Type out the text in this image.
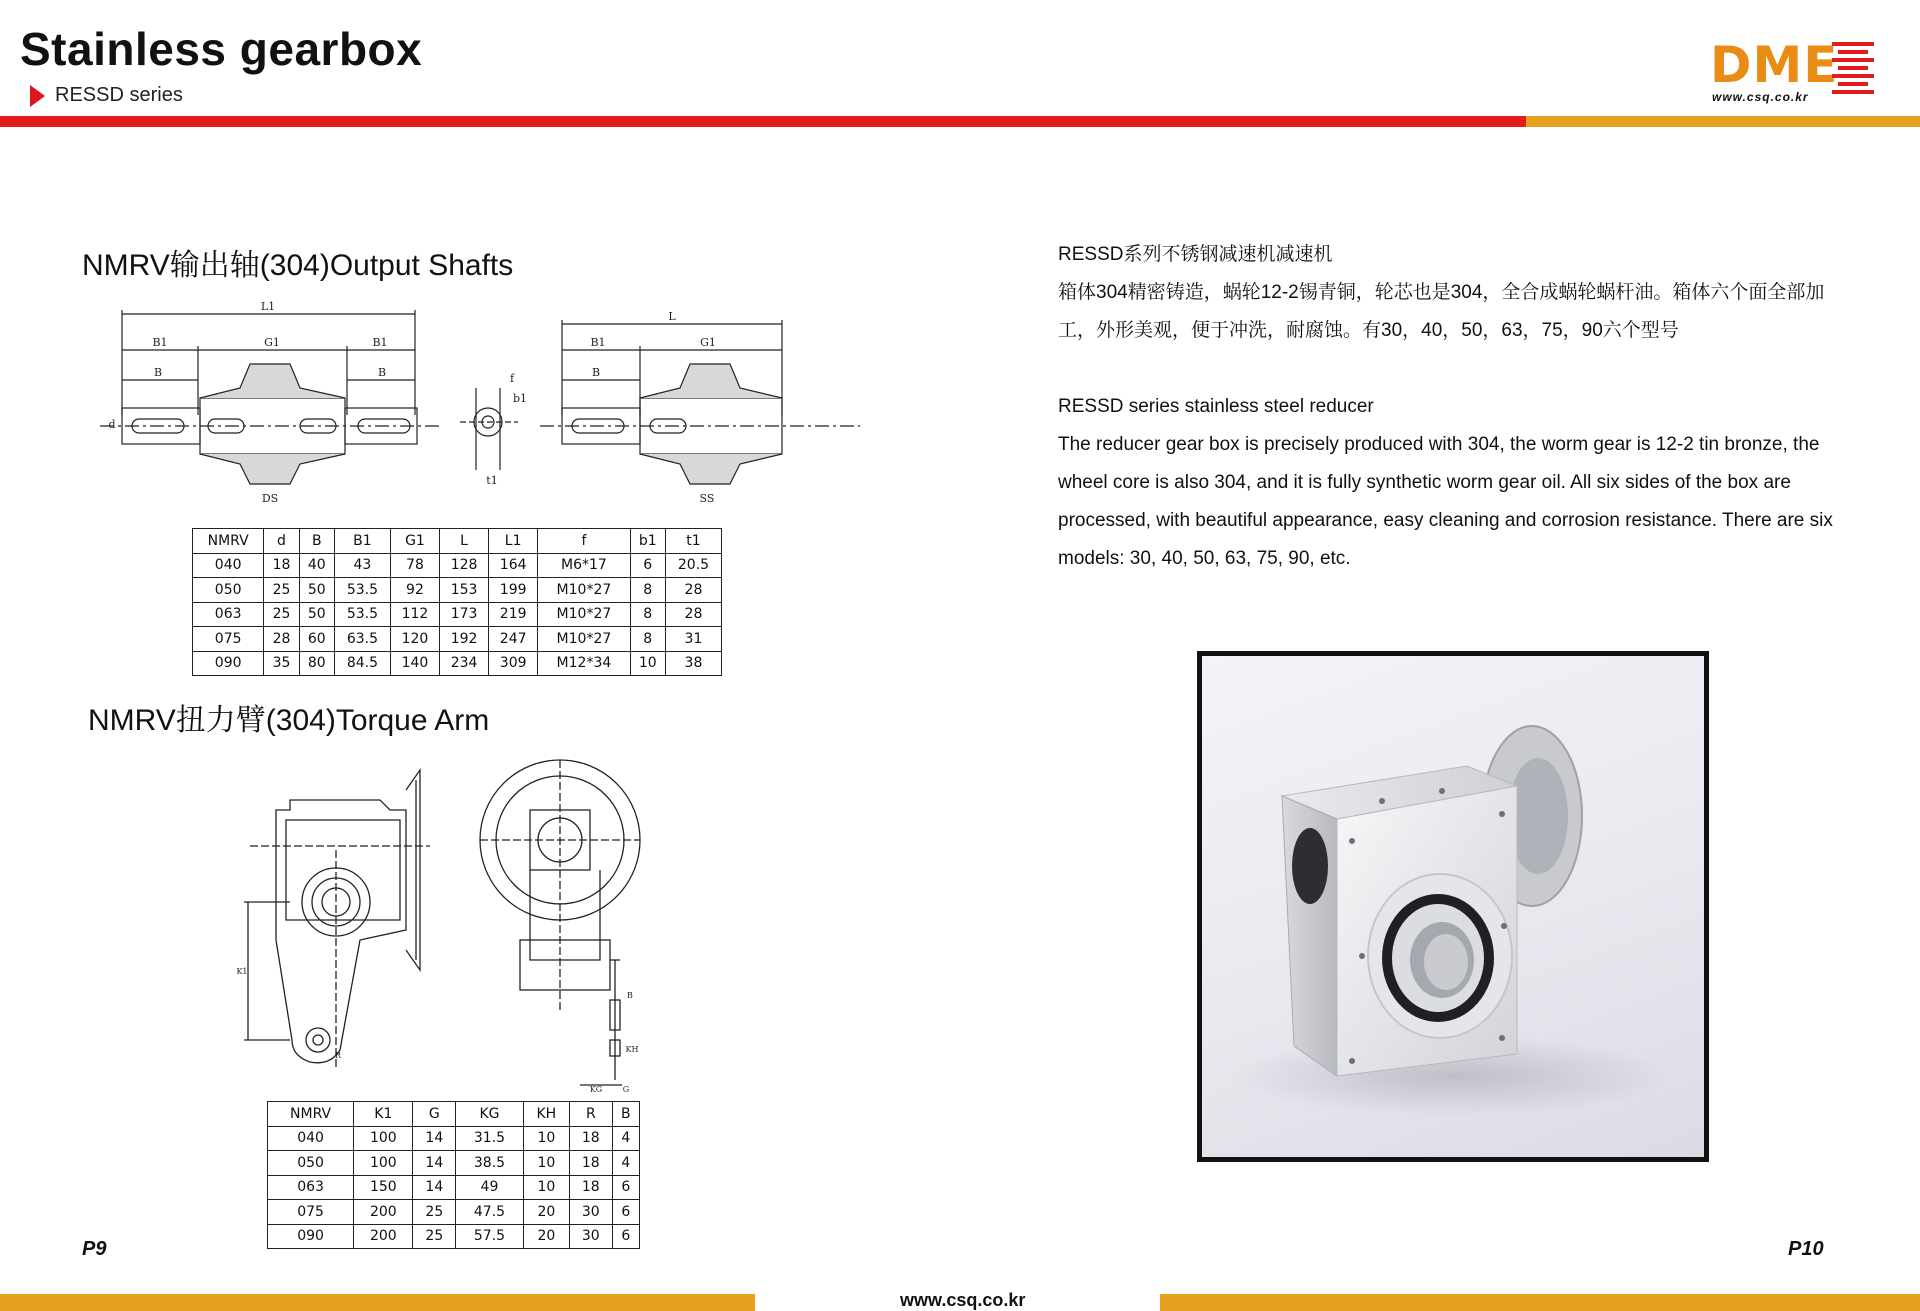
Stainless gearbox
RESSD series
DME
www.csq.co.kr
NMRV输出轴(304)Output Shafts
L1
L
B1	G1	B1
B	B
d
f
b1
t1
B1	G1
B
DS	SS
NMRV	d	B	B1	G1	L	L1	f	b1	t1
040	18	40	43	78	128	164	M6*17	6	20.5
050	25	50	53.5	92	153	199	M10*27	8	28
063	25	50	53.5	112	173	219	M10*27	8	28
075	28	60	63.5	120	192	247	M10*27	8	31
090	35	80	84.5	140	234	309	M12*34	10	38
NMRV扭力臂(304)Torque Arm
K1
R
B
KH
KG	G
NMRV	K1	G	KG	KH	R	B
040	100	14	31.5	10	18	4
050	100	14	38.5	10	18	4
063	150	14	49	10	18	6
075	200	25	47.5	20	30	6
090	200	25	57.5	20	30	6
RESSD系列不锈钢减速机减速机
箱体304精密铸造，蜗轮12-2锡青铜，轮芯也是304，全合成蜗轮蜗杆油。箱体六个面全部加工，外形美观，便于冲洗，耐腐蚀。有30，40，50，63，75，90六个型号
RESSD series stainless steel reducer
The reducer gear box is precisely produced with 304, the worm gear is 12-2 tin bronze, the wheel core is also 304, and it is fully synthetic worm gear oil. All six sides of the box are processed, with beautiful appearance, easy cleaning and corrosion resistance. There are six models: 30, 40, 50, 63, 75, 90, etc.
P9	P10
www.csq.co.kr
